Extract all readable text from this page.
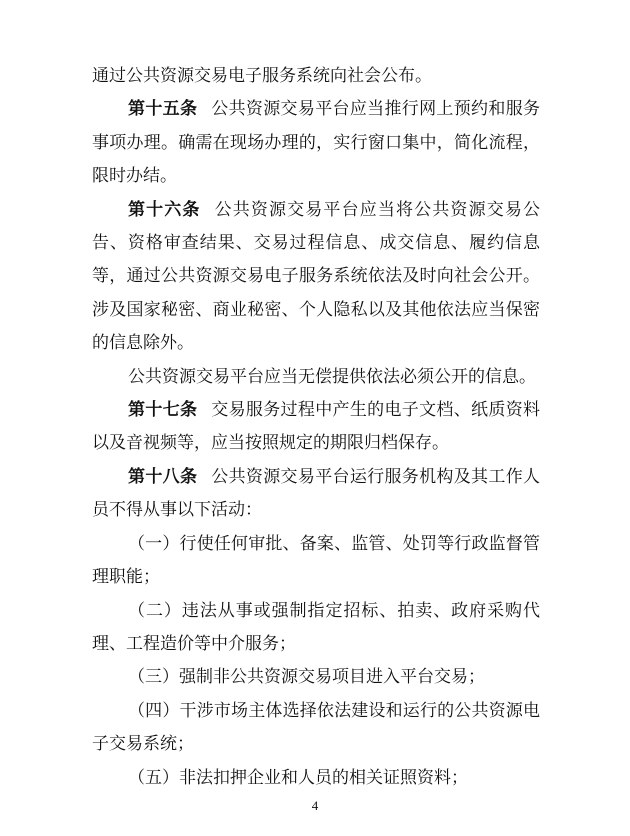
通过公共资源交易电子服务系统向社会公布。

第十五条 公共资源交易平台应当推行网上预约和服务事项办理。确需在现场办理的，实行窗口集中，简化流程，限时办结。

第十六条 公共资源交易平台应当将公共资源交易公告、资格审查结果、交易过程信息、成交信息、履约信息等，通过公共资源交易电子服务系统依法及时向社会公开。涉及国家秘密、商业秘密、个人隐私以及其他依法应当保密的信息除外。

公共资源交易平台应当无偿提供依法必须公开的信息。

第十七条 交易服务过程中产生的电子文档、纸质资料以及音视频等，应当按照规定的期限归档保存。

第十八条 公共资源交易平台运行服务机构及其工作人员不得从事以下活动：

（一）行使任何审批、备案、监管、处罚等行政监督管理职能；

（二）违法从事或强制指定招标、拍卖、政府采购代理、工程造价等中介服务；

（三）强制非公共资源交易项目进入平台交易；

（四）干涉市场主体选择依法建设和运行的公共资源电子交易系统；

（五）非法扣押企业和人员的相关证照资料；

4
